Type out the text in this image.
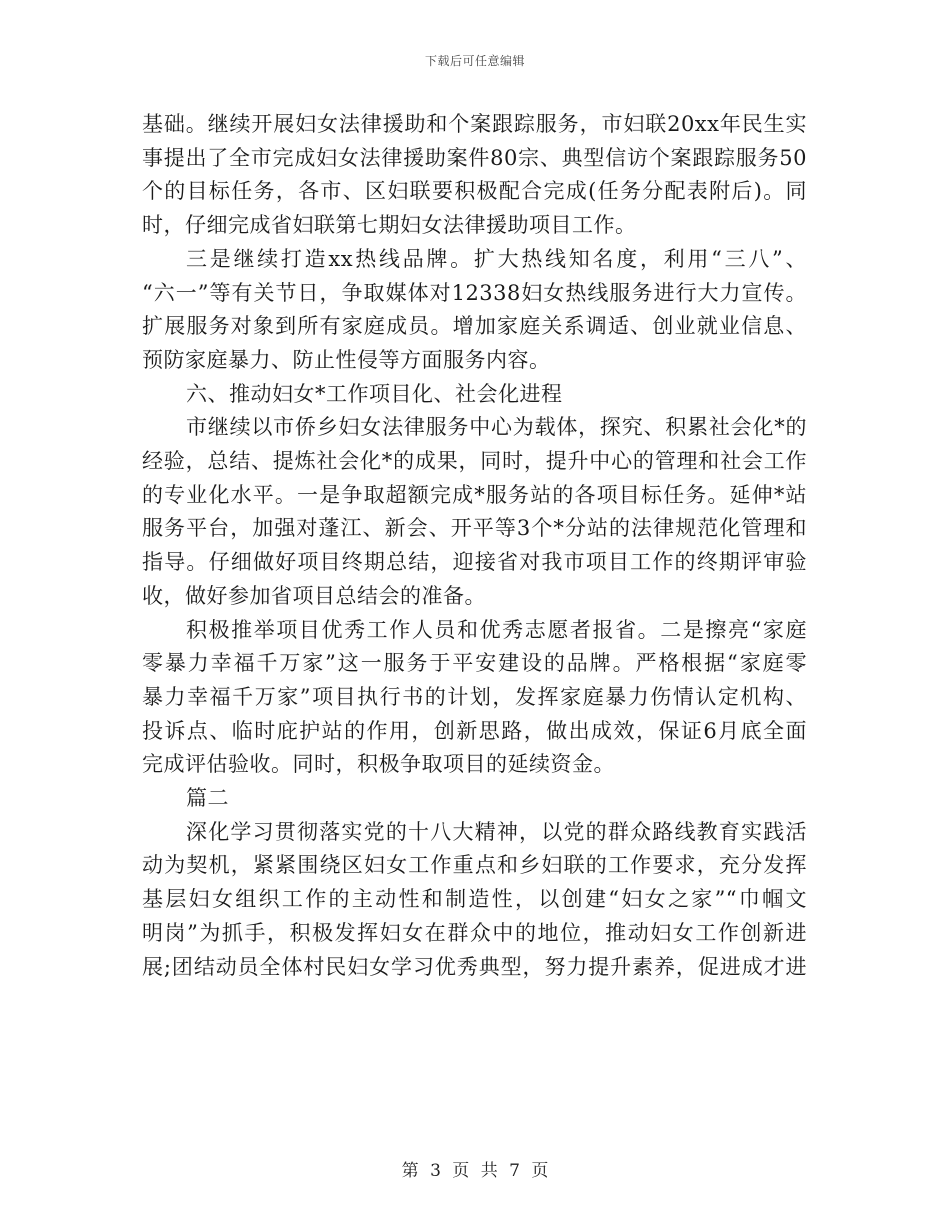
下载后可任意编辑
基础。继续开展妇女法律援助和个案跟踪服务，市妇联20xx年民生实
事提出了全市完成妇女法律援助案件80宗、典型信访个案跟踪服务50
个的目标任务，各市、区妇联要积极配合完成(任务分配表附后)。同
时，仔细完成省妇联第七期妇女法律援助项目工作。
三是继续打造xx热线品牌。扩大热线知名度，利用“三八”、
“六一”等有关节日，争取媒体对12338妇女热线服务进行大力宣传。
扩展服务对象到所有家庭成员。增加家庭关系调适、创业就业信息、
预防家庭暴力、防止性侵等方面服务内容。
六、推动妇女*工作项目化、社会化进程
市继续以市侨乡妇女法律服务中心为载体，探究、积累社会化*的
经验，总结、提炼社会化*的成果，同时，提升中心的管理和社会工作
的专业化水平。一是争取超额完成*服务站的各项目标任务。延伸*站
服务平台，加强对蓬江、新会、开平等3个*分站的法律规范化管理和
指导。仔细做好项目终期总结，迎接省对我市项目工作的终期评审验
收，做好参加省项目总结会的准备。
积极推举项目优秀工作人员和优秀志愿者报省。二是擦亮“家庭
零暴力幸福千万家”这一服务于平安建设的品牌。严格根据“家庭零
暴力幸福千万家”项目执行书的计划，发挥家庭暴力伤情认定机构、
投诉点、临时庇护站的作用，创新思路，做出成效，保证6月底全面
完成评估验收。同时，积极争取项目的延续资金。
篇二
深化学习贯彻落实党的十八大精神，以党的群众路线教育实践活
动为契机，紧紧围绕区妇女工作重点和乡妇联的工作要求，充分发挥
基层妇女组织工作的主动性和制造性，以创建“妇女之家”“巾帼文
明岗”为抓手，积极发挥妇女在群众中的地位，推动妇女工作创新进
展;团结动员全体村民妇女学习优秀典型，努力提升素养，促进成才进
第 3 页 共 7 页
